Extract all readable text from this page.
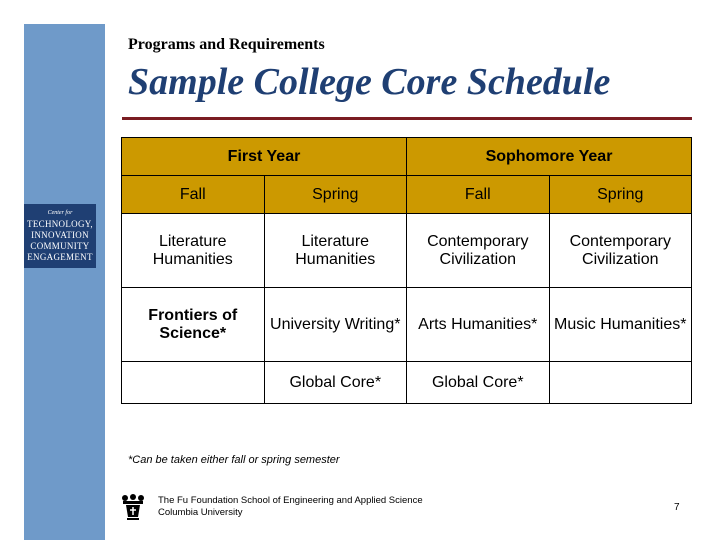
Center for
TECHNOLOGY,
INNOVATION
COMMUNITY
ENGAGEMENT
Programs and Requirements
Sample College Core Schedule
First Year		Sophomore Year	
Fall	Spring	Fall	Spring
Literature Humanities	Literature Humanities	Contemporary Civilization	Contemporary Civilization
Frontiers of Science*	University Writing*	Arts Humanities*	Music Humanities*
	Global Core*	Global Core*	
*Can be taken either fall or spring semester
The Fu Foundation School of Engineering and Applied Science
Columbia University	7
